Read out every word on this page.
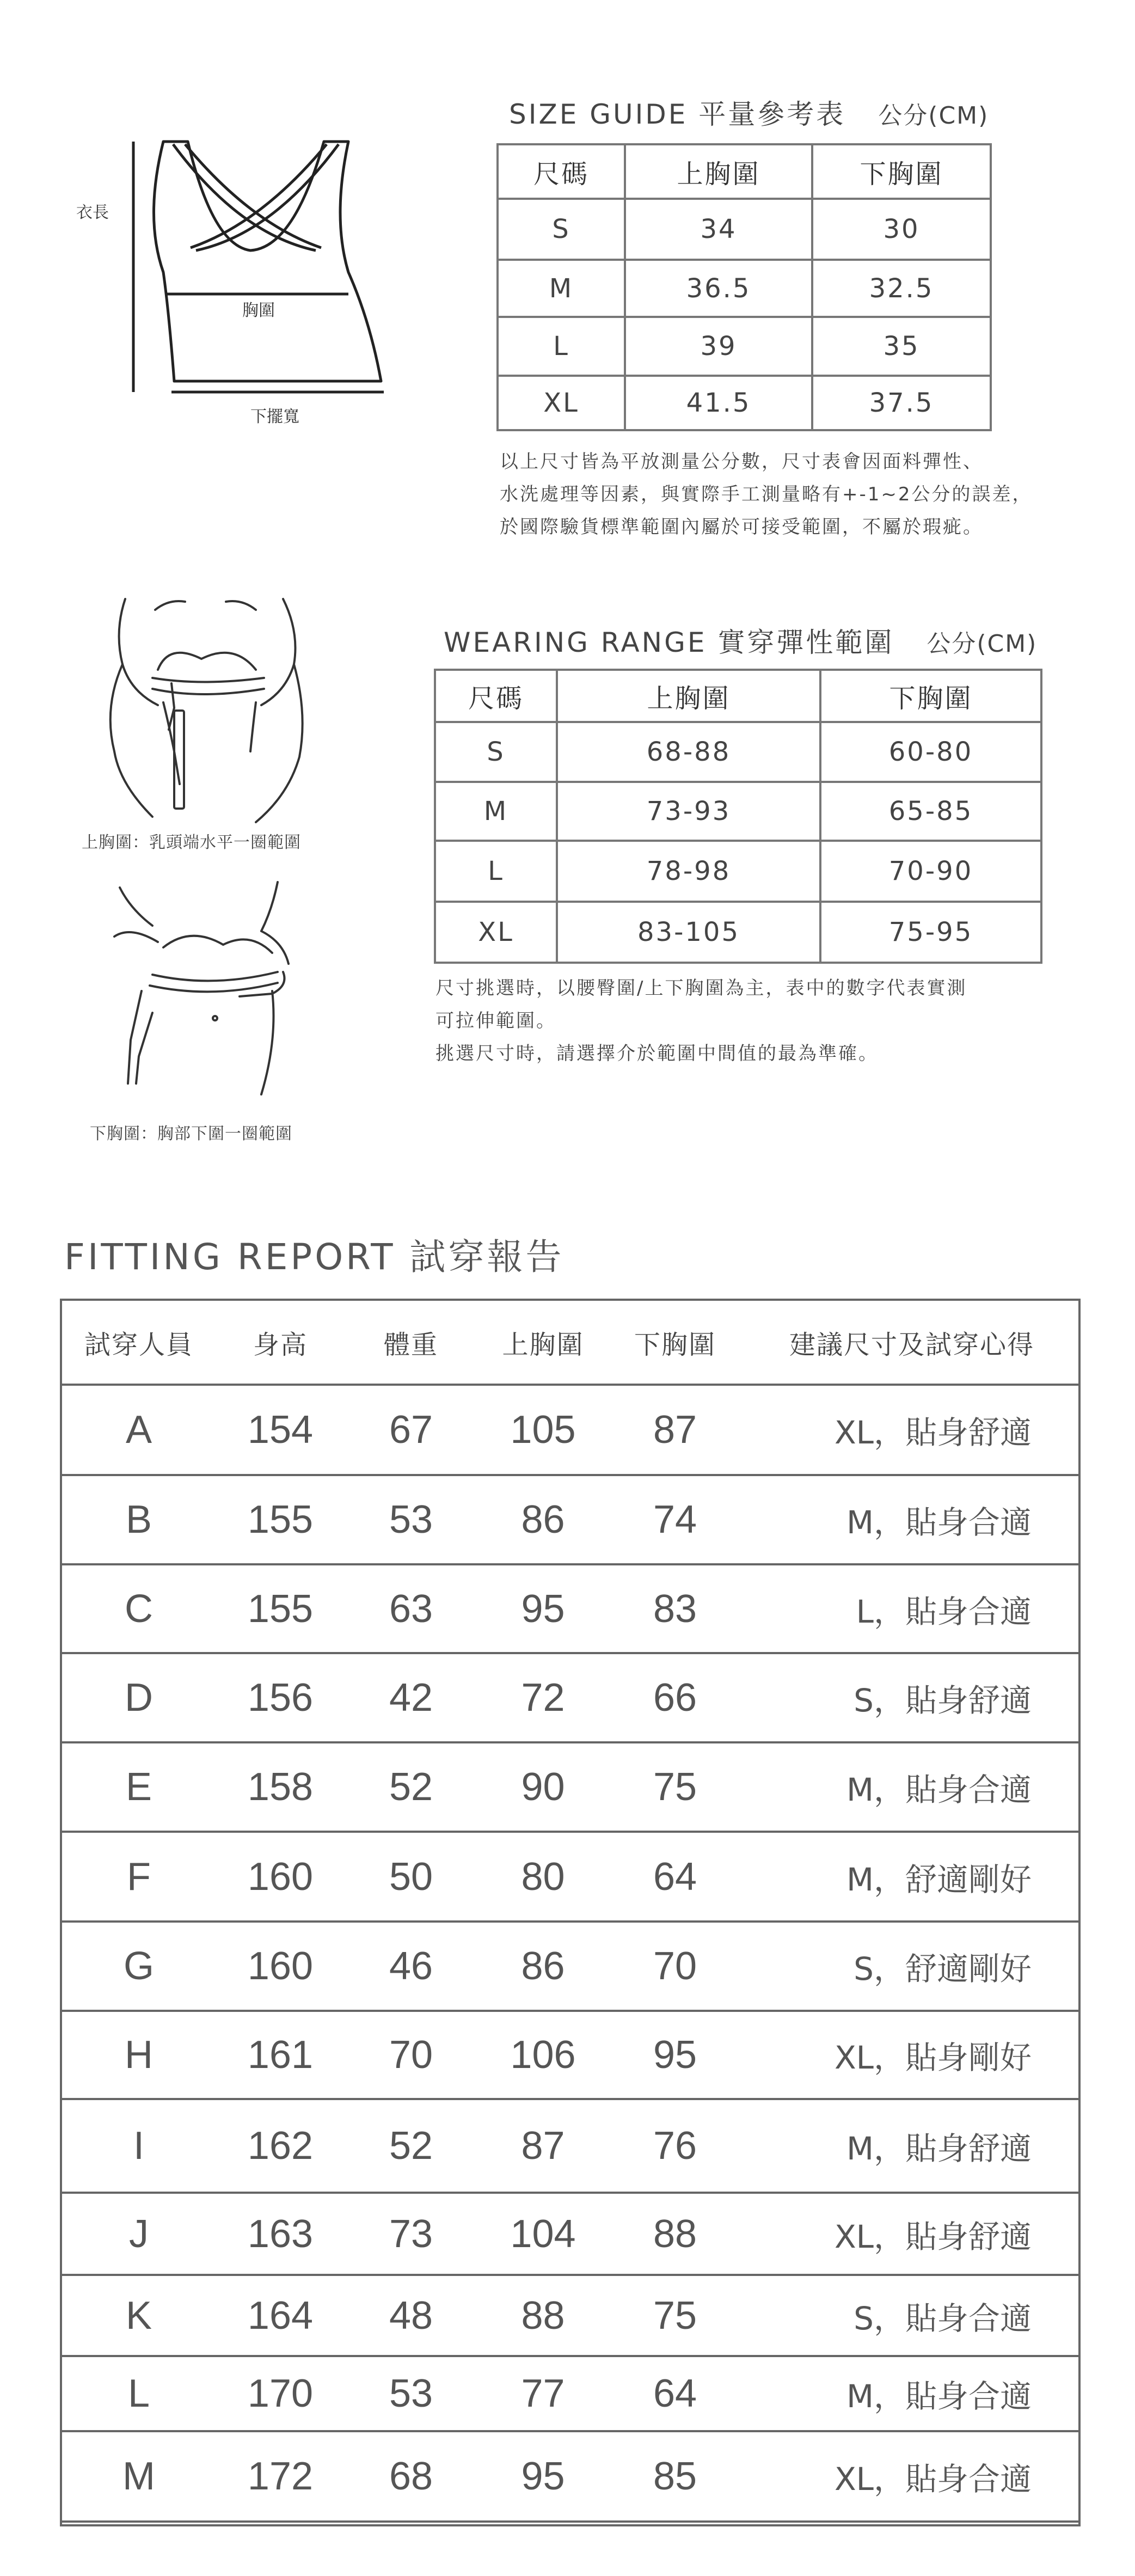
衣長
胸圍
下擺寬
SIZE GUIDE 平量參考表 公分(CM)
尺碼	上胸圍	下胸圍
S	34	30
M	36.5	32.5
L	39	35
XL	41.5	37.5
以上尺寸皆為平放測量公分數，尺寸表會因面料彈性、
水洗處理等因素，與實際手工測量略有+-1~2公分的誤差，
於國際驗貨標準範圍內屬於可接受範圍，不屬於瑕疵。
上胸圍：乳頭端水平一圈範圍
下胸圍：胸部下圍一圈範圍
WEARING RANGE 實穿彈性範圍 公分(CM)
尺碼	上胸圍	下胸圍
S	68-88	60-80
M	73-93	65-85
L	78-98	70-90
XL	83-105	75-95
尺寸挑選時，以腰臀圍/上下胸圍為主，表中的數字代表實測
可拉伸範圍。
挑選尺寸時，請選擇介於範圍中間值的最為準確。
FITTING REPORT 試穿報告
試穿人員	身高	體重	上胸圍	下胸圍	建議尺寸及試穿心得
A	154	67	105	87	XL，貼身舒適
B	155	53	86	74	M，貼身合適
C	155	63	95	83	L，貼身合適
D	156	42	72	66	S，貼身舒適
E	158	52	90	75	M，貼身合適
F	160	50	80	64	M，舒適剛好
G	160	46	86	70	S，舒適剛好
H	161	70	106	95	XL，貼身剛好
I	162	52	87	76	M，貼身舒適
J	163	73	104	88	XL，貼身舒適
K	164	48	88	75	S，貼身合適
L	170	53	77	64	M，貼身合適
M	172	68	95	85	XL，貼身合適
